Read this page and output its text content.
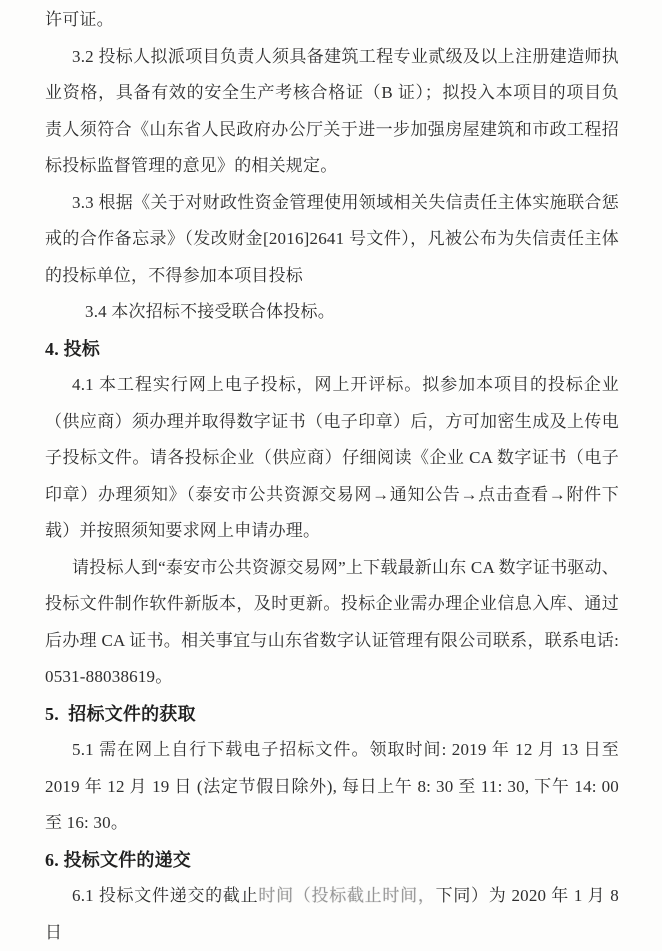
许可证。

3.2 投标人拟派项目负责人须具备建筑工程专业贰级及以上注册建造师执业资格，具备有效的安全生产考核合格证（B 证）；拟投入本项目的项目负责人须符合《山东省人民政府办公厅关于进一步加强房屋建筑和市政工程招标投标监督管理的意见》的相关规定。

3.3 根据《关于对财政性资金管理使用领域相关失信责任主体实施联合惩戒的合作备忘录》（发改财金[2016]2641 号文件），凡被公布为失信责任主体的投标单位，不得参加本项目投标

3.4 本次招标不接受联合体投标。

4. 投标

4.1 本工程实行网上电子投标，网上开评标。拟参加本项目的投标企业（供应商）须办理并取得数字证书（电子印章）后，方可加密生成及上传电子投标文件。请各投标企业（供应商）仔细阅读《企业 CA 数字证书（电子印章）办理须知》（泰安市公共资源交易网→通知公告→点击查看→附件下载）并按照须知要求网上申请办理。

请投标人到“泰安市公共资源交易网”上下载最新山东 CA 数字证书驱动、投标文件制作软件新版本，及时更新。投标企业需办理企业信息入库、通过后办理 CA 证书。相关事宜与山东省数字认证管理有限公司联系，联系电话: 0531-88038619。

5.  招标文件的获取

5.1 需在网上自行下载电子招标文件。领取时间: 2019 年 12 月 13 日至 2019 年 12 月 19 日 (法定节假日除外), 每日上午 8: 30 至 11: 30, 下午 14: 00 至 16: 30。

6. 投标文件的递交

6.1 投标文件递交的截止时间（投标截止时间，下同）为 2020 年 1 月 8 日
